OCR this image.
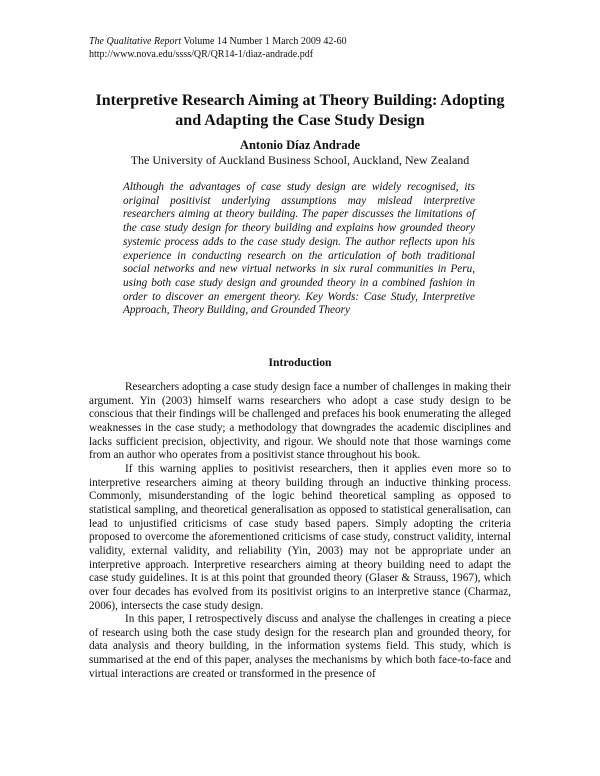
The Qualitative Report Volume 14 Number 1 March 2009 42-60
http://www.nova.edu/ssss/QR/QR14-1/diaz-andrade.pdf
Interpretive Research Aiming at Theory Building: Adopting
and Adapting the Case Study Design
Antonio Díaz Andrade
The University of Auckland Business School, Auckland, New Zealand
Although the advantages of case study design are widely recognised, its original positivist underlying assumptions may mislead interpretive researchers aiming at theory building. The paper discusses the limitations of the case study design for theory building and explains how grounded theory systemic process adds to the case study design. The author reflects upon his experience in conducting research on the articulation of both traditional social networks and new virtual networks in six rural communities in Peru, using both case study design and grounded theory in a combined fashion in order to discover an emergent theory. Key Words: Case Study, Interpretive Approach, Theory Building, and Grounded Theory
Introduction

Researchers adopting a case study design face a number of challenges in making their argument. Yin (2003) himself warns researchers who adopt a case study design to be conscious that their findings will be challenged and prefaces his book enumerating the alleged weaknesses in the case study; a methodology that downgrades the academic disciplines and lacks sufficient precision, objectivity, and rigour. We should note that those warnings come from an author who operates from a positivist stance throughout his book.

If this warning applies to positivist researchers, then it applies even more so to interpretive researchers aiming at theory building through an inductive thinking process. Commonly, misunderstanding of the logic behind theoretical sampling as opposed to statistical sampling, and theoretical generalisation as opposed to statistical generalisation, can lead to unjustified criticisms of case study based papers. Simply adopting the criteria proposed to overcome the aforementioned criticisms of case study, construct validity, internal validity, external validity, and reliability (Yin, 2003) may not be appropriate under an interpretive approach. Interpretive researchers aiming at theory building need to adapt the case study guidelines. It is at this point that grounded theory (Glaser & Strauss, 1967), which over four decades has evolved from its positivist origins to an interpretive stance (Charmaz, 2006), intersects the case study design.

In this paper, I retrospectively discuss and analyse the challenges in creating a piece of research using both the case study design for the research plan and grounded theory, for data analysis and theory building, in the information systems field. This study, which is summarised at the end of this paper, analyses the mechanisms by which both face-to-face and virtual interactions are created or transformed in the presence of
